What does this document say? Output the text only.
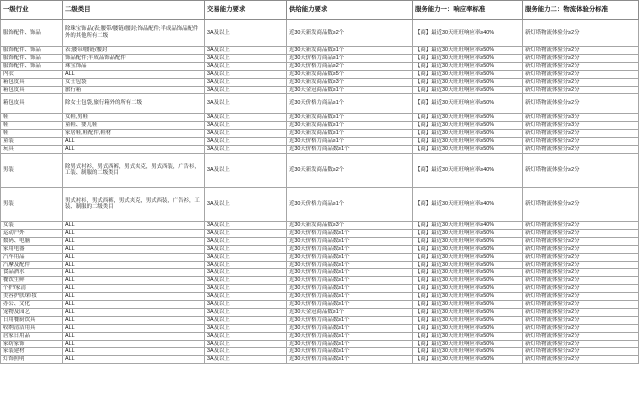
一级行业	二级类目	交易能力要求	供给能力要求	服务能力一：响应率标准	服务能力二：物流体验分标准
服饰配件、饰品	除珠宝饰品(表;腰带/腰链/腰封;饰品配件;半成品饰品配件外的其他所有二级	3A及以上	近30天新发商品数≥2个	【商】最近30天旺旺响应率≥40%	新灯塔物流体验分≥2分
服饰配件、饰品	表;腰带/腰链/腰封	3A及以上	近30天新发商品数≥1个	【商】最近30天旺旺响应率≥50%	新灯塔物流体验分≥2分
服饰配件、饰品	饰品配件;半成品饰品配件	3A及以上	近30天价格力商品≥1个	【商】最近30天旺旺响应率≥50%	新灯塔物流体验分≥2分
服饰配件、饰品	珠宝饰品	3A及以上	近30天价格力商品≥2个	【商】最近30天旺旺响应率≥50%	新灯塔物流体验分≥2分
内衣	ALL	3A及以上	近30天新发商品数≥5个	【商】最近30天旺旺响应率≥50%	新灯塔物流体验分≥2分
箱包皮具	女士包袋	3A及以上	近30天新发商品数≥3个	【商】最近30天旺旺响应率≥50%	新灯塔物流体验分≥2分
箱包皮具	旅行箱	3A及以上	近30天金冠商品数≥1个	【商】最近30天旺旺响应率≥50%	新灯塔物流体验分≥2分
箱包皮具	除女士包袋,旅行箱外的所有二级	3A及以上	近30天价格力商品≥1个	【商】最近30天旺旺响应率≥50%	新灯塔物流体验分≥2分
鞋	女鞋,男鞋	3A及以上	近30天新发商品数≥1个	【商】最近30天旺旺响应率≥50%	新灯塔物流体验分≥3分
鞋	童鞋、婴儿鞋	3A及以上	近30天新发商品数≥1个	【商】最近30天旺旺响应率≥50%	新灯塔物流体验分≥3分
鞋	家居鞋,鞋配件,鞋材	3A及以上	近30天新发商品数≥1个	【商】最近30天旺旺响应率≥50%	新灯塔物流体验分≥2分
童装	ALL	3A及以上	近30天价格力商品≥1个	【商】最近30天旺旺响应率≥50%	新灯塔物流体验分≥2分
玩具	ALL	3A及以上	近30天价格力商品数≥1个	【商】最近30天旺旺响应率≥50%	新灯塔物流体验分≥2分
男装	除男式衬衫，男式西裤，男式夹克，男式西装，广告衫，工装、制服的二级类目	3A及以上	近30天新发商品数≥2个	【商】最近30天旺旺响应率≥40%	新灯塔物流体验分≥2分
男装	男式衬衫，男式西裤，男式夹克，男式西装，广告衫，工装、制服的二级类目	3A及以上	近30天价格力商品≥1个	【商】最近30天旺旺响应率≥40%	新灯塔物流体验分≥2分
女装	ALL	3A及以上	近30天新发商品数≥3个	【商】最近30天旺旺响应率≥40%	新灯塔物流体验分≥2分
运动户外	ALL	3A及以上	近30天价格力商品数≥1个	【商】最近30天旺旺响应率≥50%	新灯塔物流体验分≥2分
数码、电脑	ALL	3A及以上	近30天价格力商品数≥1个	【商】最近30天旺旺响应率≥50%	新灯塔物流体验分≥2分
家用电器	ALL	3A及以上	近30天价格力商品数≥1个	【商】最近30天旺旺响应率≥50%	新灯塔物流体验分≥2分
汽车用品	ALL	3A及以上	近30天价格力商品数≥1个	【商】最近30天旺旺响应率≥50%	新灯塔物流体验分≥2分
汽摩及配件	ALL	3A及以上	近30天价格力商品数≥1个	【商】最近30天旺旺响应率≥50%	新灯塔物流体验分≥2分
食品酒水	ALL	3A及以上	近30天价格力商品数≥1个	【商】最近30天旺旺响应率≥50%	新灯塔物流体验分≥2分
餐饮生鲜	ALL	3A及以上	近30天价格力商品数≥1个	【商】最近30天旺旺响应率≥50%	新灯塔物流体验分≥2分
个护/家清	ALL	3A及以上	近30天价格力商品数≥1个	【商】最近30天旺旺响应率≥50%	新灯塔物流体验分≥2分
美容护肤/彩妆	ALL	3A及以上	近30天价格力商品数≥1个	【商】最近30天旺旺响应率≥50%	新灯塔物流体验分≥2分
办公、文化	ALL	3A及以上	近30天价格力商品数≥1个	【商】最近30天旺旺响应率≥50%	新灯塔物流体验分≥2分
宠物及园艺	ALL	3A及以上	近30天金冠商品数≥1个	【商】最近30天旺旺响应率≥50%	新灯塔物流体验分≥2分
日用餐厨饮具	ALL	3A及以上	近30天价格力商品数≥1个	【商】最近30天旺旺响应率≥50%	新灯塔物流体验分≥2分
收纳清洁用具	ALL	3A及以上	近30天价格力商品数≥1个	【商】最近30天旺旺响应率≥50%	新灯塔物流体验分≥2分
居家日用品	ALL	3A及以上	近30天价格力商品数≥1个	【商】最近30天旺旺响应率≥50%	新灯塔物流体验分≥2分
家纺家饰	ALL	3A及以上	近30天价格力商品数≥1个	【商】最近30天旺旺响应率≥50%	新灯塔物流体验分≥2分
家装建材	ALL	3A及以上	近30天价格力商品数≥1个	【商】最近30天旺旺响应率≥50%	新灯塔物流体验分≥2分
灯饰照明	ALL	3A及以上	近30天价格力商品数≥1个	【商】最近30天旺旺响应率≥50%	新灯塔物流体验分≥2分
